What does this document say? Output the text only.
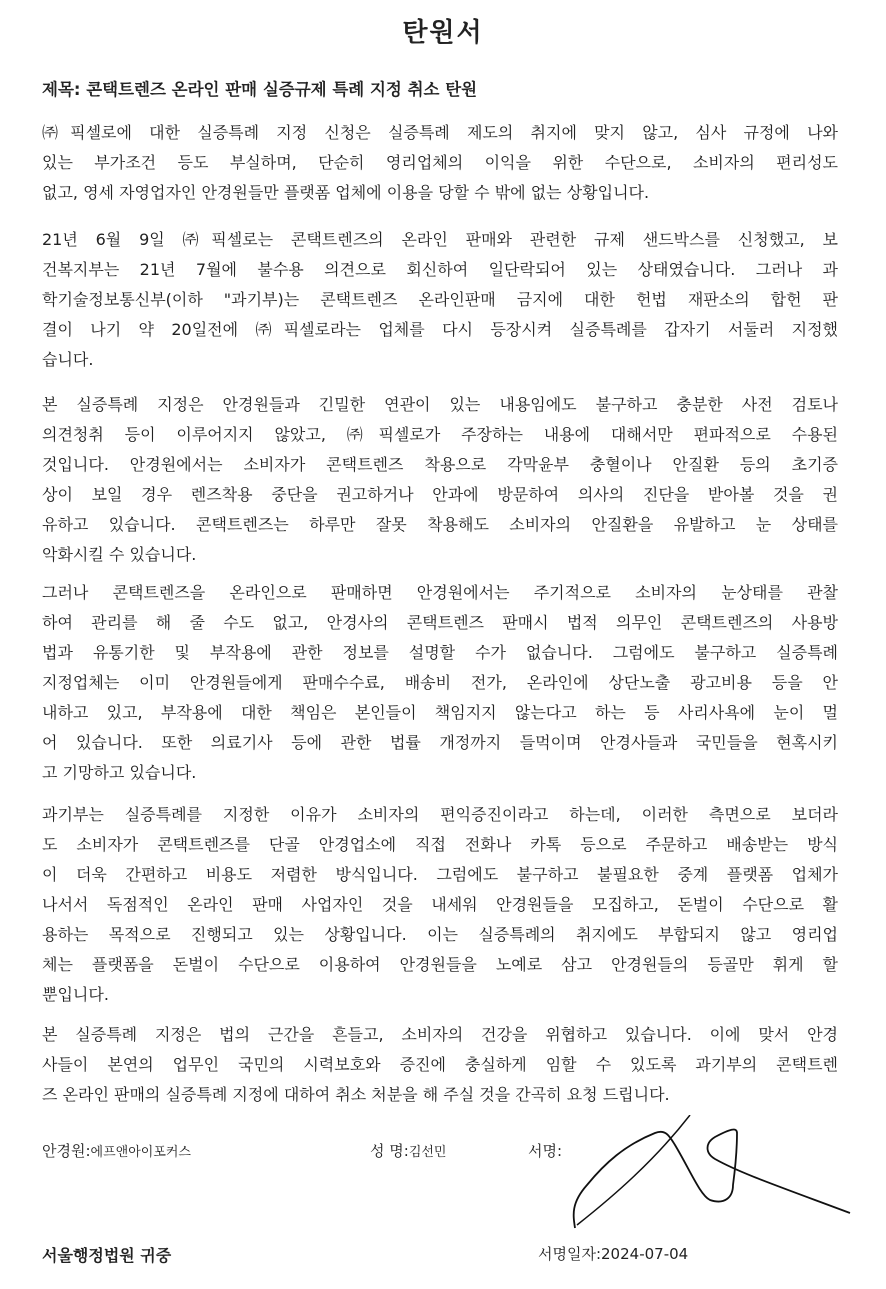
탄원서
제목: 콘택트렌즈 온라인 판매 실증규제 특례 지정 취소 탄원
㈜픽셀로에 대한 실증특례 지정 신청은 실증특례 제도의 취지에 맞지 않고, 심사 규정에 나와
있는 부가조건 등도 부실하며, 단순히 영리업체의 이익을 위한 수단으로, 소비자의 편리성도
없고, 영세 자영업자인 안경원들만 플랫폼 업체에 이용을 당할 수 밖에 없는 상황입니다.
21년 6월 9일 ㈜픽셀로는 콘택트렌즈의 온라인 판매와 관련한 규제 샌드박스를 신청했고, 보
건복지부는 21년 7월에 불수용 의견으로 회신하여 일단락되어 있는 상태였습니다. 그러나 과
학기술정보통신부(이하 "과기부)는 콘택트렌즈 온라인판매 금지에 대한 헌법 재판소의 합헌 판
결이 나기 약 20일전에 ㈜픽셀로라는 업체를 다시 등장시켜 실증특례를 갑자기 서둘러 지정했
습니다.
본 실증특례 지정은 안경원들과 긴밀한 연관이 있는 내용임에도 불구하고 충분한 사전 검토나
의견청취 등이 이루어지지 않았고, ㈜픽셀로가 주장하는 내용에 대해서만 편파적으로 수용된
것입니다. 안경원에서는 소비자가 콘택트렌즈 착용으로 각막윤부 충혈이나 안질환 등의 초기증
상이 보일 경우 렌즈착용 중단을 권고하거나 안과에 방문하여 의사의 진단을 받아볼 것을 권
유하고 있습니다. 콘택트렌즈는 하루만 잘못 착용해도 소비자의 안질환을 유발하고 눈 상태를
악화시킬 수 있습니다.
그러나 콘택트렌즈을 온라인으로 판매하면 안경원에서는 주기적으로 소비자의 눈상태를 관찰
하여 관리를 해 줄 수도 없고, 안경사의 콘택트렌즈 판매시 법적 의무인 콘택트렌즈의 사용방
법과 유통기한 및 부작용에 관한 정보를 설명할 수가 없습니다. 그럼에도 불구하고 실증특례
지정업체는 이미 안경원들에게 판매수수료, 배송비 전가, 온라인에 상단노출 광고비용 등을 안
내하고 있고, 부작용에 대한 책임은 본인들이 책임지지 않는다고 하는 등 사리사욕에 눈이 멀
어 있습니다. 또한 의료기사 등에 관한 법률 개정까지 들먹이며 안경사들과 국민들을 현혹시키
고 기망하고 있습니다.
과기부는 실증특례를 지정한 이유가 소비자의 편익증진이라고 하는데, 이러한 측면으로 보더라
도 소비자가 콘택트렌즈를 단골 안경업소에 직접 전화나 카톡 등으로 주문하고 배송받는 방식
이 더욱 간편하고 비용도 저렴한 방식입니다. 그럼에도 불구하고 불필요한 중계 플랫폼 업체가
나서서 독점적인 온라인 판매 사업자인 것을 내세워 안경원들을 모집하고, 돈벌이 수단으로 활
용하는 목적으로 진행되고 있는 상황입니다. 이는 실증특례의 취지에도 부합되지 않고 영리업
체는 플랫폼을 돈벌이 수단으로 이용하여 안경원들을 노예로 삼고 안경원들의 등골만 휘게 할
뿐입니다.
본 실증특례 지정은 법의 근간을 흔들고, 소비자의 건강을 위협하고 있습니다. 이에 맞서 안경
사들이 본연의 업무인 국민의 시력보호와 증진에 충실하게 임할 수 있도록 과기부의 콘택트렌
즈 온라인 판매의 실증특례 지정에 대하여 취소 처분을 해 주실 것을 간곡히 요청 드립니다.
안경원:에프앤아이포커스	성 명:김선민	서명:
서울행정법원 귀중	서명일자:2024-07-04
